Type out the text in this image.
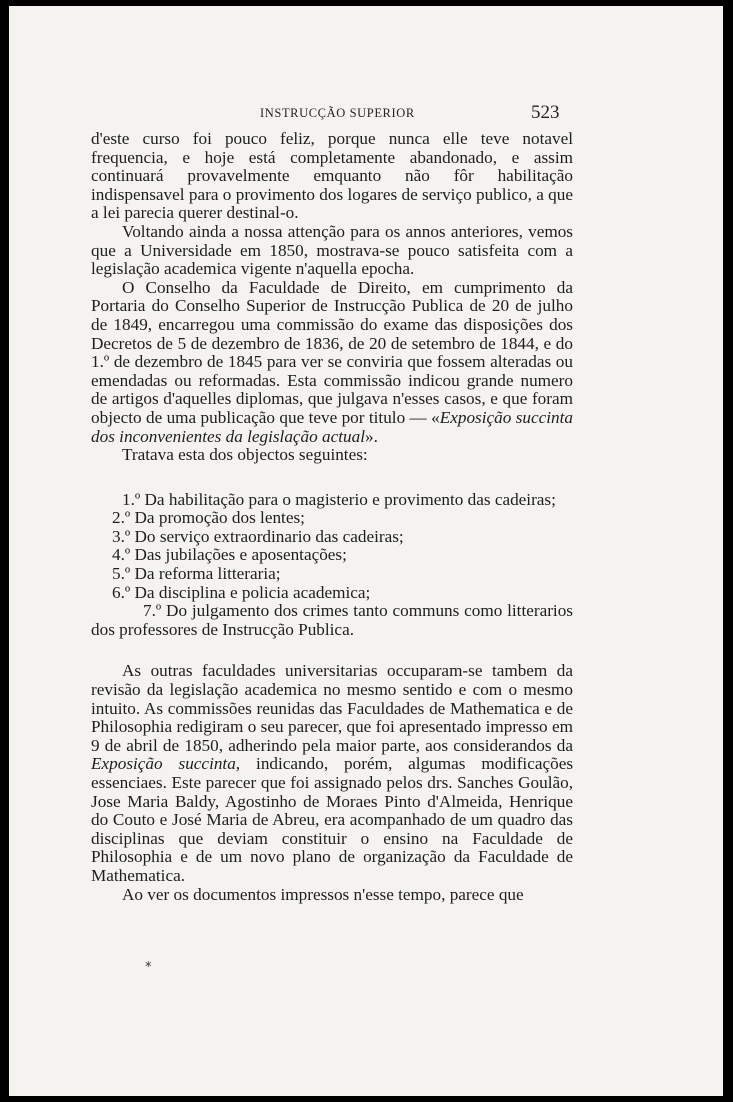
INSTRUCÇÃO SUPERIOR	523

d'este curso foi pouco feliz, porque nunca elle teve notavel frequencia, e hoje está completamente abandonado, e assim continuará provavelmente emquanto não fôr habilitação indispensavel para o provimento dos logares de serviço publico, a que a lei parecia querer destinal-o.

Voltando ainda a nossa attenção para os annos anteriores, vemos que a Universidade em 1850, mostrava-se pouco satisfeita com a legislação academica vigente n'aquella epocha.

O Conselho da Faculdade de Direito, em cumprimento da Portaria do Conselho Superior de Instrucção Publica de 20 de julho de 1849, encarregou uma commissão do exame das disposições dos Decretos de 5 de dezembro de 1836, de 20 de setembro de 1844, e do 1.º de dezembro de 1845 para ver se conviria que fossem alteradas ou emendadas ou reformadas. Esta commissão indicou grande numero de artigos d'aquelles diplomas, que julgava n'esses casos, e que foram objecto de uma publicação que teve por titulo — «Exposição succinta dos inconvenientes da legislação actual».

Tratava esta dos objectos seguintes:

1.º Da habilitação para o magisterio e provimento das cadeiras;
2.º Da promoção dos lentes;
3.º Do serviço extraordinario das cadeiras;
4.º Das jubilações e aposentações;
5.º Da reforma litteraria;
6.º Da disciplina e policia academica;
7.º Do julgamento dos crimes tanto communs como litterarios dos professores de Instrucção Publica.

As outras faculdades universitarias occuparam-se tambem da revisão da legislação academica no mesmo sentido e com o mesmo intuito. As commissões reunidas das Faculdades de Mathematica e de Philosophia redigiram o seu parecer, que foi apresentado impresso em 9 de abril de 1850, adherindo pela maior parte, aos considerandos da Exposição succinta, indicando, porém, algumas modificações essenciaes. Este parecer que foi assignado pelos drs. Sanches Goulão, Jose Maria Baldy, Agostinho de Moraes Pinto d'Almeida, Henrique do Couto e José Maria de Abreu, era acompanhado de um quadro das disciplinas que deviam constituir o ensino na Faculdade de Philosophia e de um novo plano de organização da Faculdade de Mathematica.

Ao ver os documentos impressos n'esse tempo, parece que

*
